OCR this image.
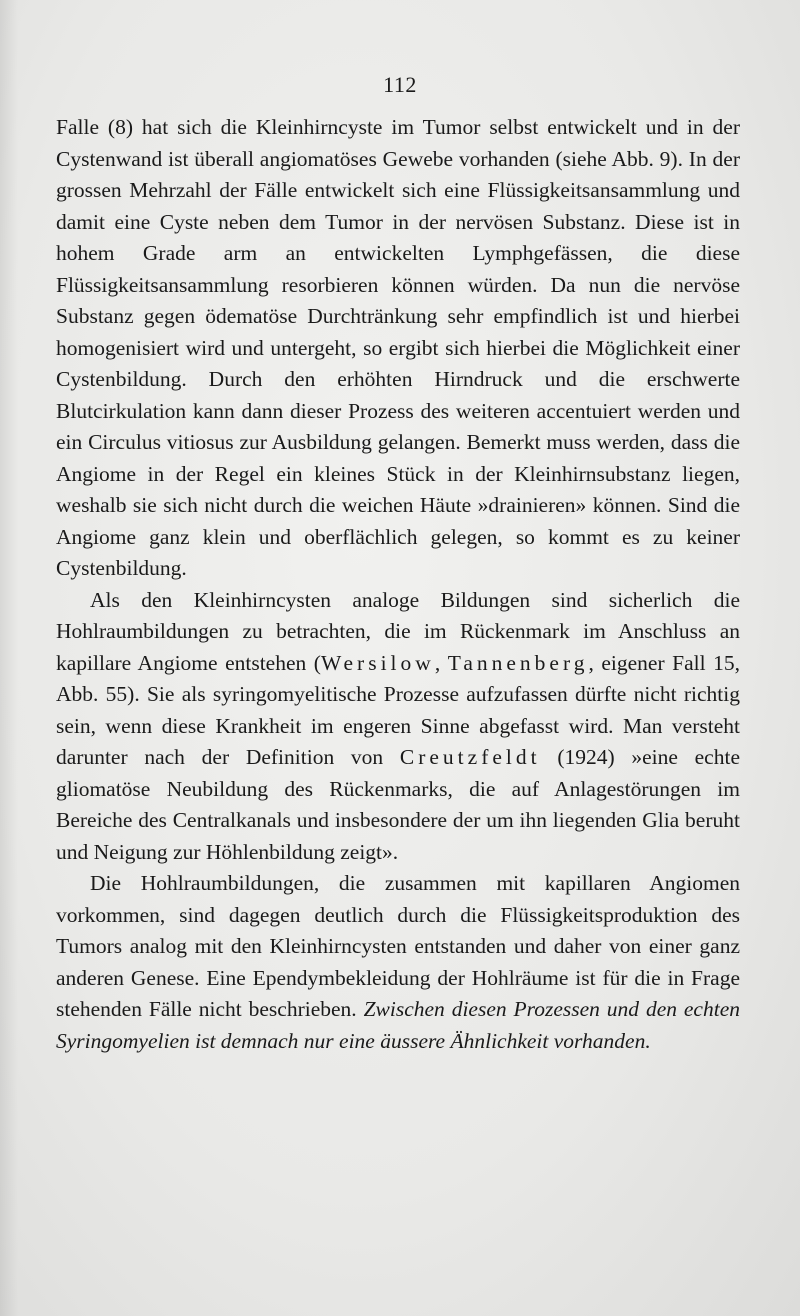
112

Falle (8) hat sich die Kleinhirncyste im Tumor selbst entwickelt und in der Cystenwand ist überall angiomatöses Gewebe vorhanden (siehe Abb. 9). In der grossen Mehrzahl der Fälle entwickelt sich eine Flüssigkeitsansammlung und damit eine Cyste neben dem Tumor in der nervösen Substanz. Diese ist in hohem Grade arm an entwickelten Lymphgefässen, die diese Flüssigkeitsansammlung resorbieren können würden. Da nun die nervöse Substanz gegen ödematöse Durchtränkung sehr empfindlich ist und hierbei homogenisiert wird und untergeht, so ergibt sich hierbei die Möglichkeit einer Cystenbildung. Durch den erhöhten Hirndruck und die erschwerte Blutcirkulation kann dann dieser Prozess des weiteren accentuiert werden und ein Circulus vitiosus zur Ausbildung gelangen. Bemerkt muss werden, dass die Angiome in der Regel ein kleines Stück in der Kleinhirnsubstanz liegen, weshalb sie sich nicht durch die weichen Häute »drainieren» können. Sind die Angiome ganz klein und oberflächlich gelegen, so kommt es zu keiner Cystenbildung.

Als den Kleinhirncysten analoge Bildungen sind sicherlich die Hohlraumbildungen zu betrachten, die im Rückenmark im Anschluss an kapillare Angiome entstehen (Wersilow, Tannenberg, eigener Fall 15, Abb. 55). Sie als syringomyelitische Prozesse aufzufassen dürfte nicht richtig sein, wenn diese Krankheit im engeren Sinne abgefasst wird. Man versteht darunter nach der Definition von Creutzfeldt (1924) »eine echte gliomatöse Neubildung des Rückenmarks, die auf Anlagestörungen im Bereiche des Centralkanals und insbesondere der um ihn liegenden Glia beruht und Neigung zur Höhlenbildung zeigt».

Die Hohlraumbildungen, die zusammen mit kapillaren Angiomen vorkommen, sind dagegen deutlich durch die Flüssigkeitsproduktion des Tumors analog mit den Kleinhirncysten entstanden und daher von einer ganz anderen Genese. Eine Ependymbekleidung der Hohlräume ist für die in Frage stehenden Fälle nicht beschrieben. Zwischen diesen Prozessen und den echten Syringomyelien ist demnach nur eine äussere Ähnlichkeit vorhanden.
